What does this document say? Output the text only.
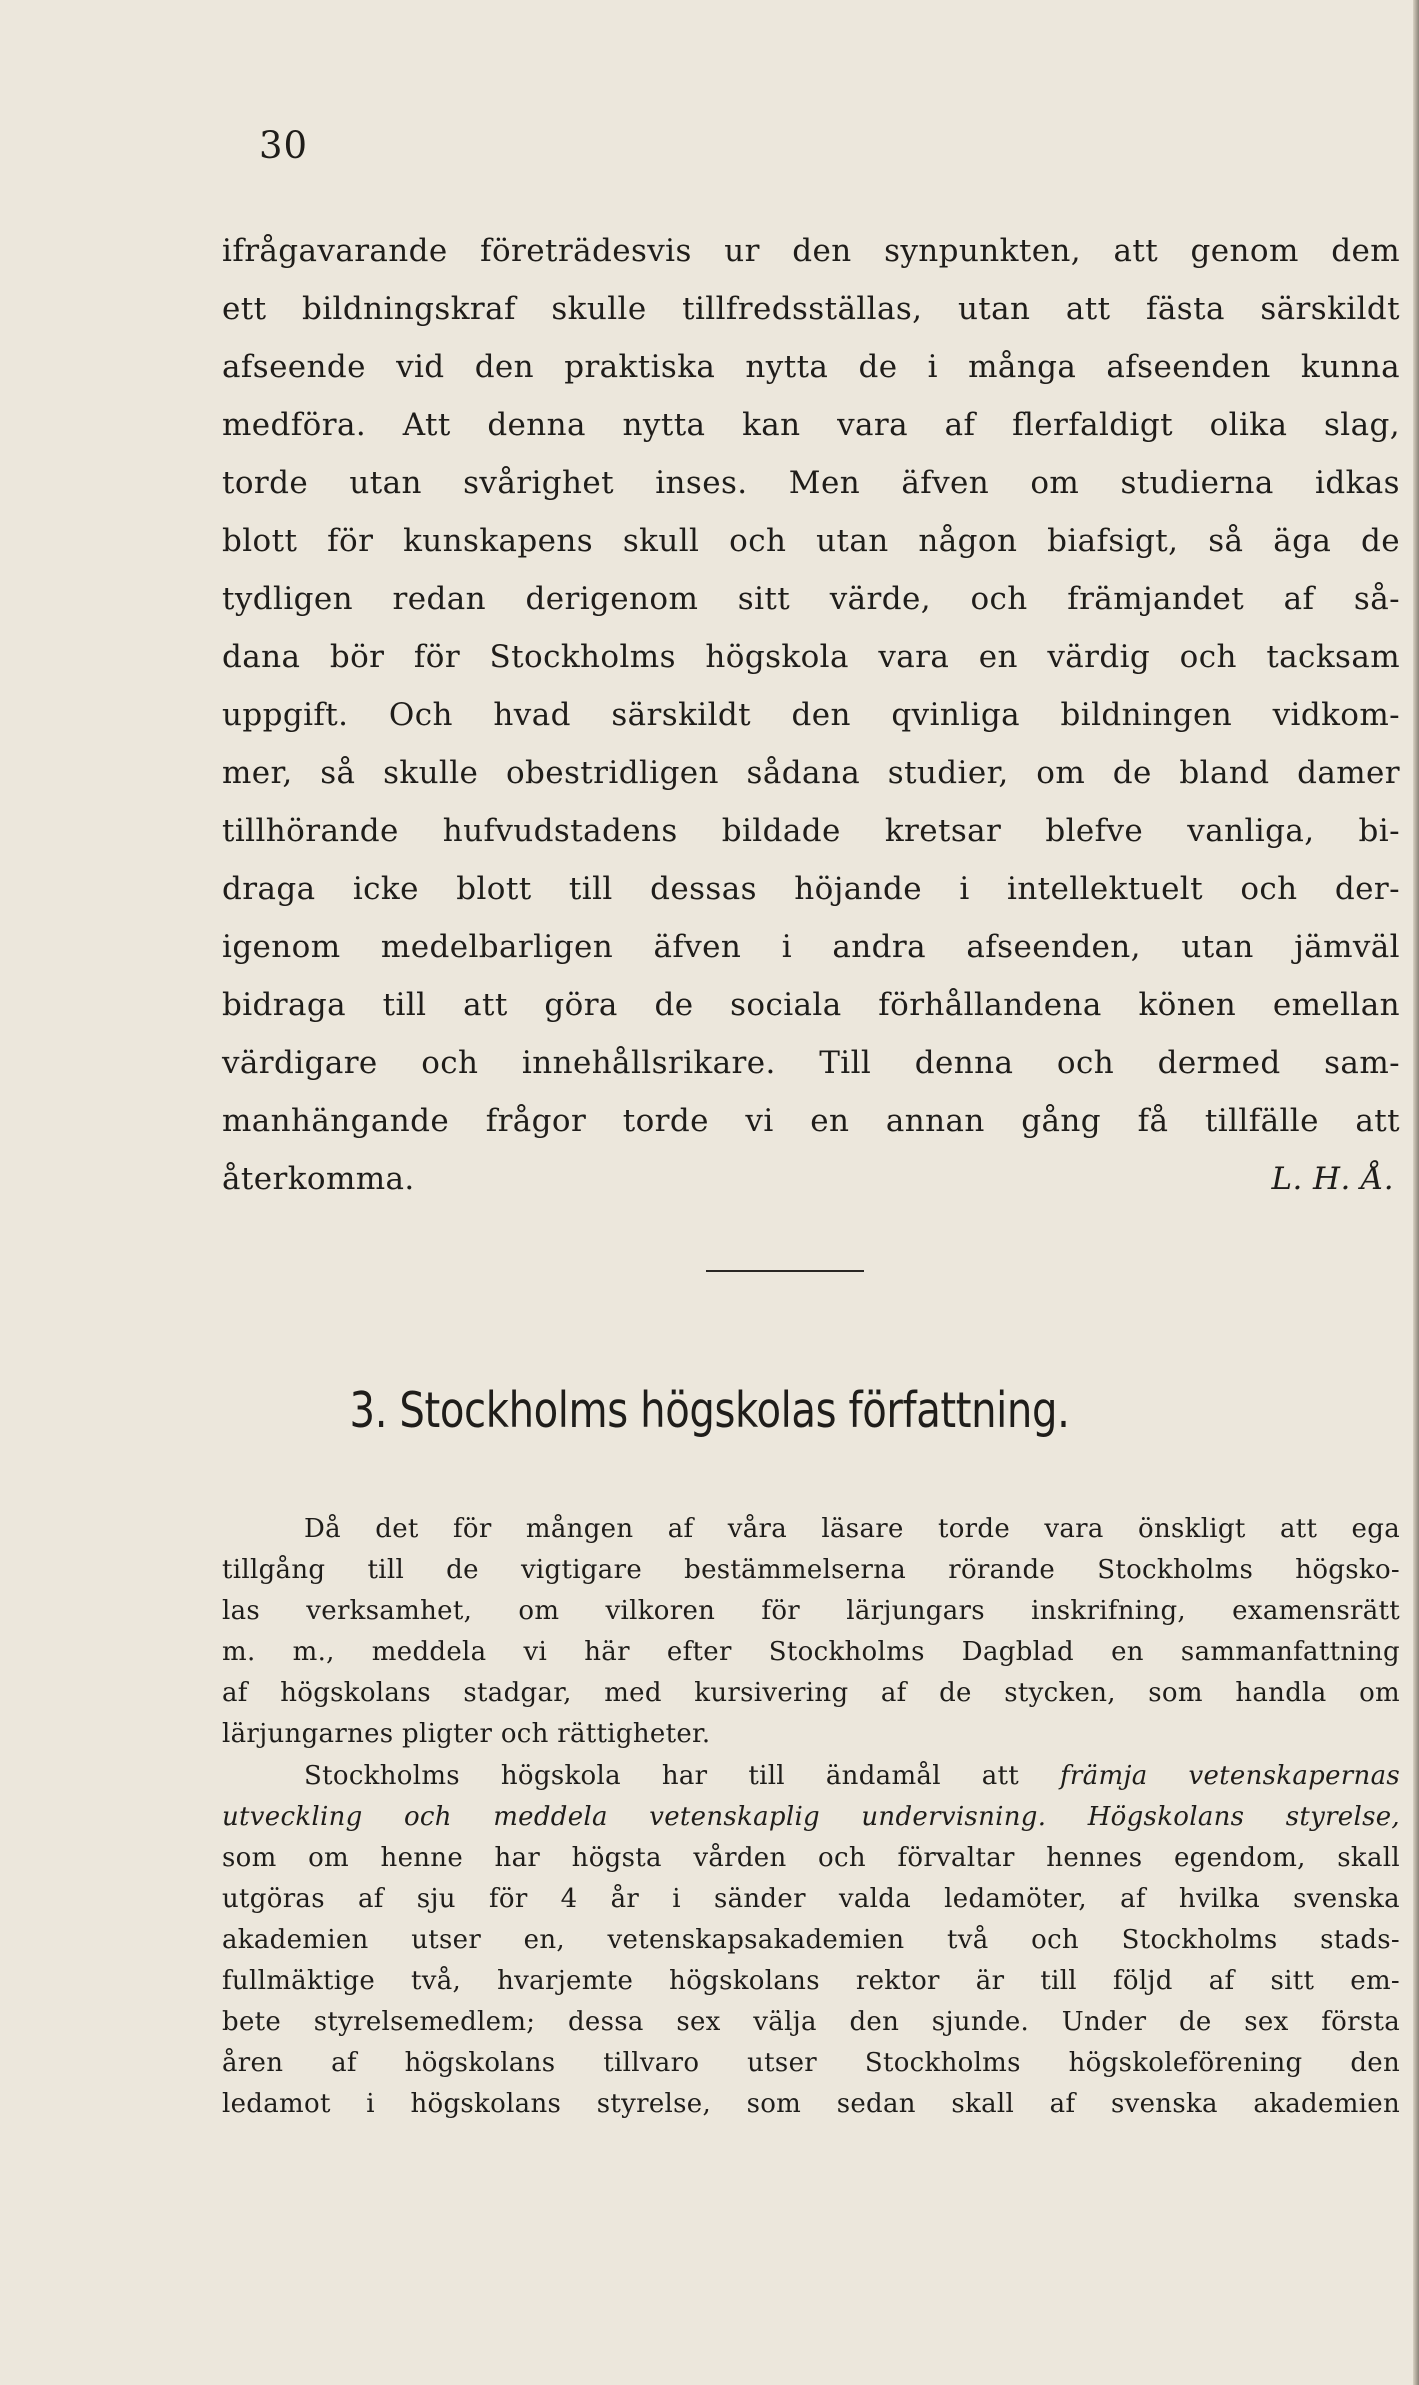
30
ifrågavarande företrädesvis ur den synpunkten, att genom dem
ett bildningskraf skulle tillfredsställas, utan att fästa särskildt
afseende vid den praktiska nytta de i många afseenden kunna
medföra. Att denna nytta kan vara af flerfaldigt olika slag,
torde utan svårighet inses. Men äfven om studierna idkas
blott för kunskapens skull och utan någon biafsigt, så äga de
tydligen redan derigenom sitt värde, och främjandet af så-
dana bör för Stockholms högskola vara en värdig och tacksam
uppgift. Och hvad särskildt den qvinliga bildningen vidkom-
mer, så skulle obestridligen sådana studier, om de bland damer
tillhörande hufvudstadens bildade kretsar blefve vanliga, bi-
draga icke blott till dessas höjande i intellektuelt och der-
igenom medelbarligen äfven i andra afseenden, utan jämväl
bidraga till att göra de sociala förhållandena könen emellan
värdigare och innehållsrikare. Till denna och dermed sam-
manhängande frågor torde vi en annan gång få tillfälle att
återkomma.	L. H. Å.
3. Stockholms högskolas författning.
Då det för mången af våra läsare torde vara önskligt att ega
tillgång till de vigtigare bestämmelserna rörande Stockholms högsko-
las verksamhet, om vilkoren för lärjungars inskrifning, examensrätt
m. m., meddela vi här efter Stockholms Dagblad en sammanfattning
af högskolans stadgar, med kursivering af de stycken, som handla om
lärjungarnes pligter och rättigheter.
Stockholms högskola har till ändamål att främja vetenskapernas
utveckling och meddela vetenskaplig undervisning. Högskolans styrelse,
som om henne har högsta vården och förvaltar hennes egendom, skall
utgöras af sju för 4 år i sänder valda ledamöter, af hvilka svenska
akademien utser en, vetenskapsakademien två och Stockholms stads-
fullmäktige två, hvarjemte högskolans rektor är till följd af sitt em-
bete styrelsemedlem; dessa sex välja den sjunde. Under de sex första
åren af högskolans tillvaro utser Stockholms högskoleförening den
ledamot i högskolans styrelse, som sedan skall af svenska akademien
